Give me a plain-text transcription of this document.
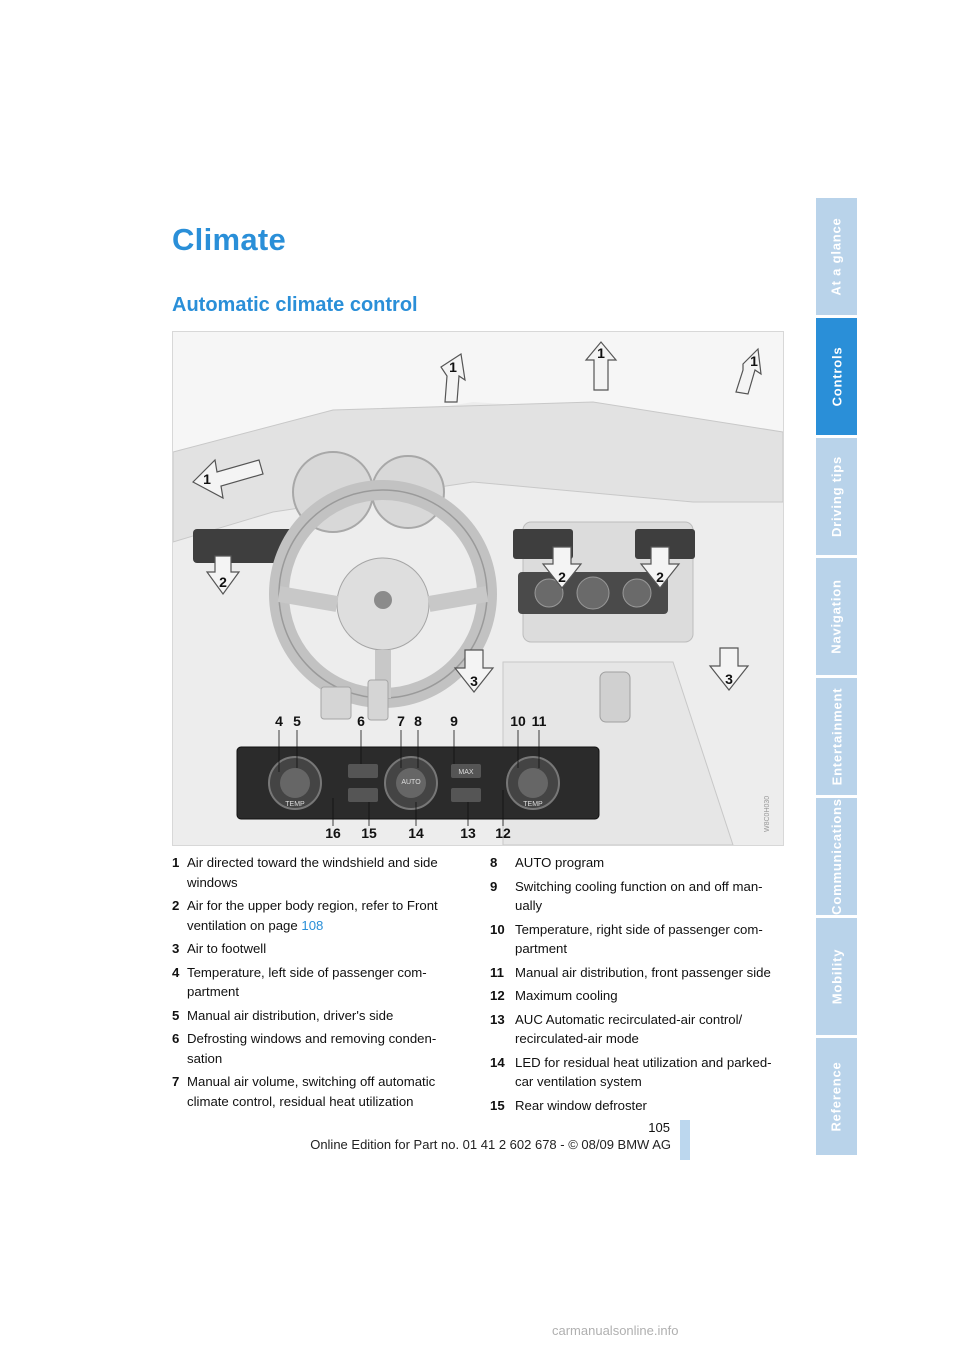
Climate
Automatic climate control
1
1	1
1
2	2	2
3	3
TEMP
AUTO
MAX
TEMP
4 5	6 7 8 9	10 11
16 15 14	13 12
W8C0H030
1 Air directed toward the windshield and side windows
2 Air for the upper body region, refer to Front ventilation on page 108
3 Air to footwell
4 Temperature, left side of passenger com-partment
5 Manual air distribution, driver's side
6 Defrosting windows and removing conden-sation
7 Manual air volume, switching off automatic climate control, residual heat utilization
8	AUTO program
9	Switching cooling function on and off man-ually
10 Temperature, right side of passenger com-partment
11 Manual air distribution, front passenger side
12 Maximum cooling
13 AUC Automatic recirculated-air control/ recirculated-air mode
14 LED for residual heat utilization and parked-car ventilation system
15 Rear window defroster
105
Online Edition for Part no. 01 41 2 602 678 - © 08/09 BMW AG
At a glance
Controls
Driving tips
Navigation
Entertainment
Communications
Mobility
Reference
carmanualsonline.info
